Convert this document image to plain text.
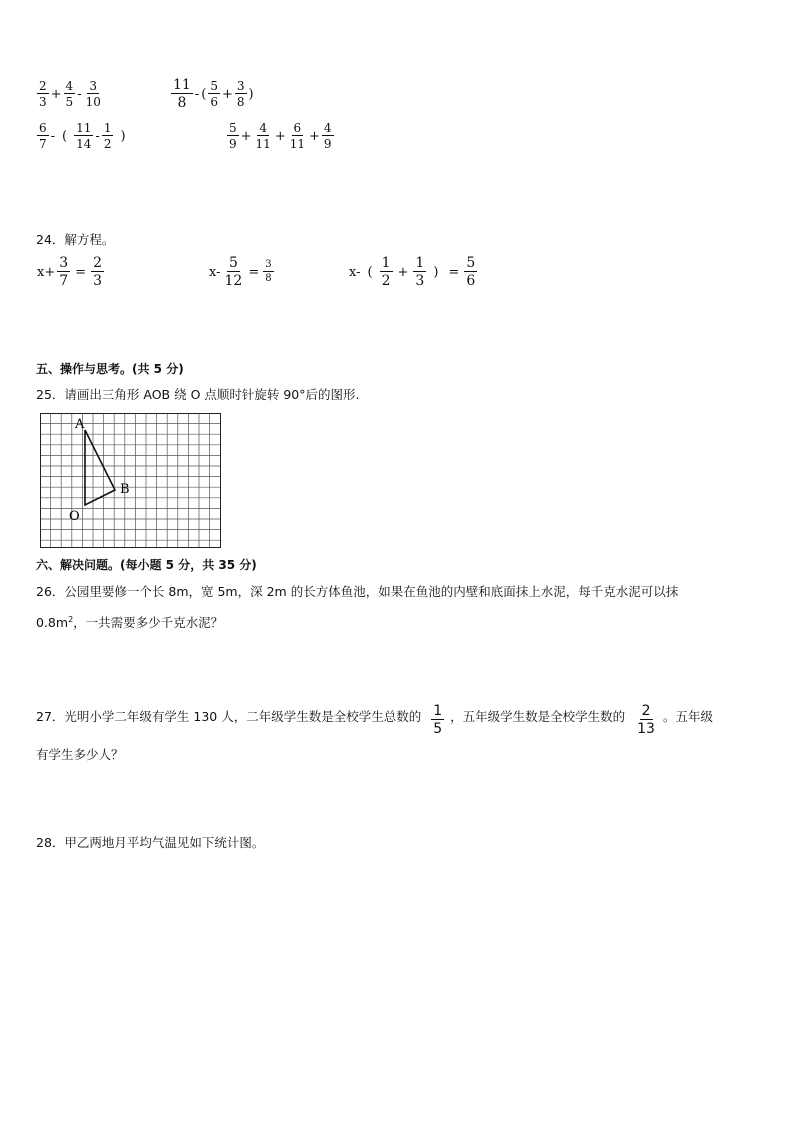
$\frac{2}{3} + \frac{4}{5} - \frac{3}{10}$	$\frac{11}{8}$ - ( $\frac{5}{6} + \frac{3}{8}$ )
$\frac{6}{7}$ - ( $\frac{11}{14} - \frac{1}{2}$ )	$\frac{5}{9} + \frac{4}{11} + \frac{6}{11} + \frac{4}{9}$
24．解方程。
$x+ \frac{3}{7} = \frac{2}{3}$	$x- \frac{5}{12} = \frac{3}{8}$	x- ( $\frac{1}{2} + \frac{1}{3}$ ) = $\frac{5}{6}$
五、操作与思考。(共 5 分)
25．请画出三角形 AOB 绕 O 点顺时针旋转 90°后的图形.
A
B
O
六、解决问题。(每小题 5 分，共 35 分)
26．公园里要修一个长 8m，宽 5m，深 2m 的长方体鱼池，如果在鱼池的内壁和底面抹上水泥，每千克水泥可以抹
$0.8m^2$，一共需要多少千克水泥？
27．光明小学二年级有学生 130 人，二年级学生数是全校学生总数的 $\frac{1}{5}$ ，五年级学生数是全校学生数的 $\frac{2}{13}$ 。五年级
有学生多少人？
28．甲乙两地月平均气温见如下统计图。
